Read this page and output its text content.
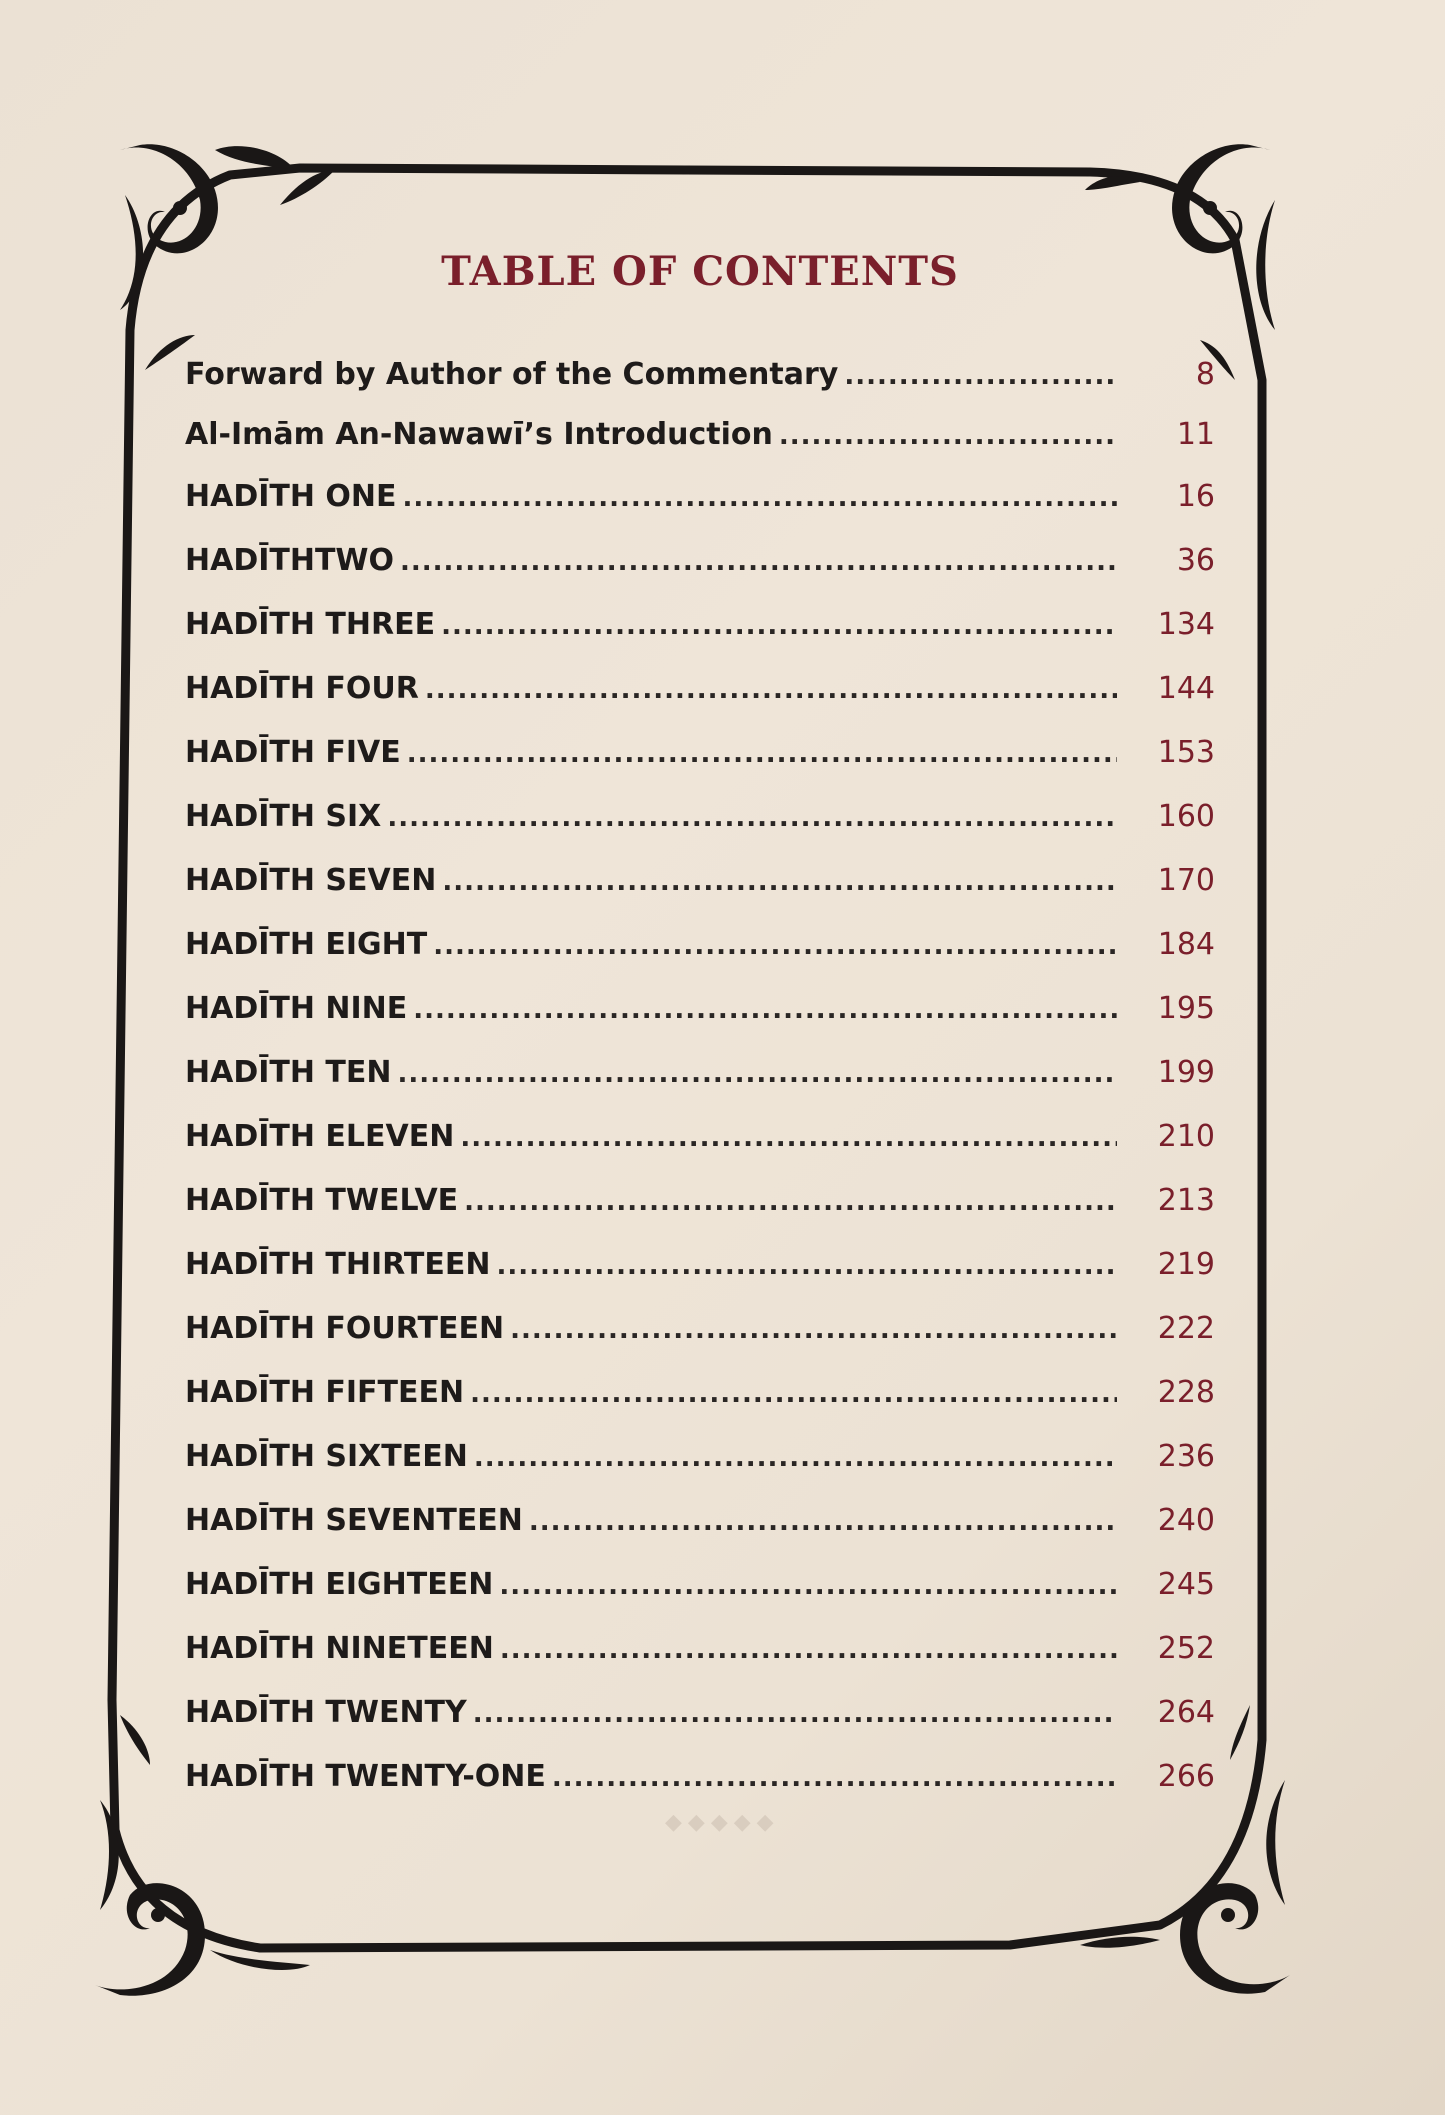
TABLE OF CONTENTS
Forward by Author of the Commentary .....	8
Al-Imām An-Nawawī’s Introduction .....	11
HADĪTH ONE .....	16
HADĪTHTWO .....	36
HADĪTH THREE .....	134
HADĪTH FOUR .....	144
HADĪTH FIVE .....	153
HADĪTH SIX .....	160
HADĪTH SEVEN .....	170
HADĪTH EIGHT .....	184
HADĪTH NINE .....	195
HADĪTH TEN .....	199
HADĪTH ELEVEN .....	210
HADĪTH TWELVE .....	213
HADĪTH THIRTEEN .....	219
HADĪTH FOURTEEN .....	222
HADĪTH FIFTEEN .....	228
HADĪTH SIXTEEN .....	236
HADĪTH SEVENTEEN .....	240
HADĪTH EIGHTEEN .....	245
HADĪTH NINETEEN .....	252
HADĪTH TWENTY .....	264
HADĪTH TWENTY-ONE .....	266
◆◆◆◆◆
